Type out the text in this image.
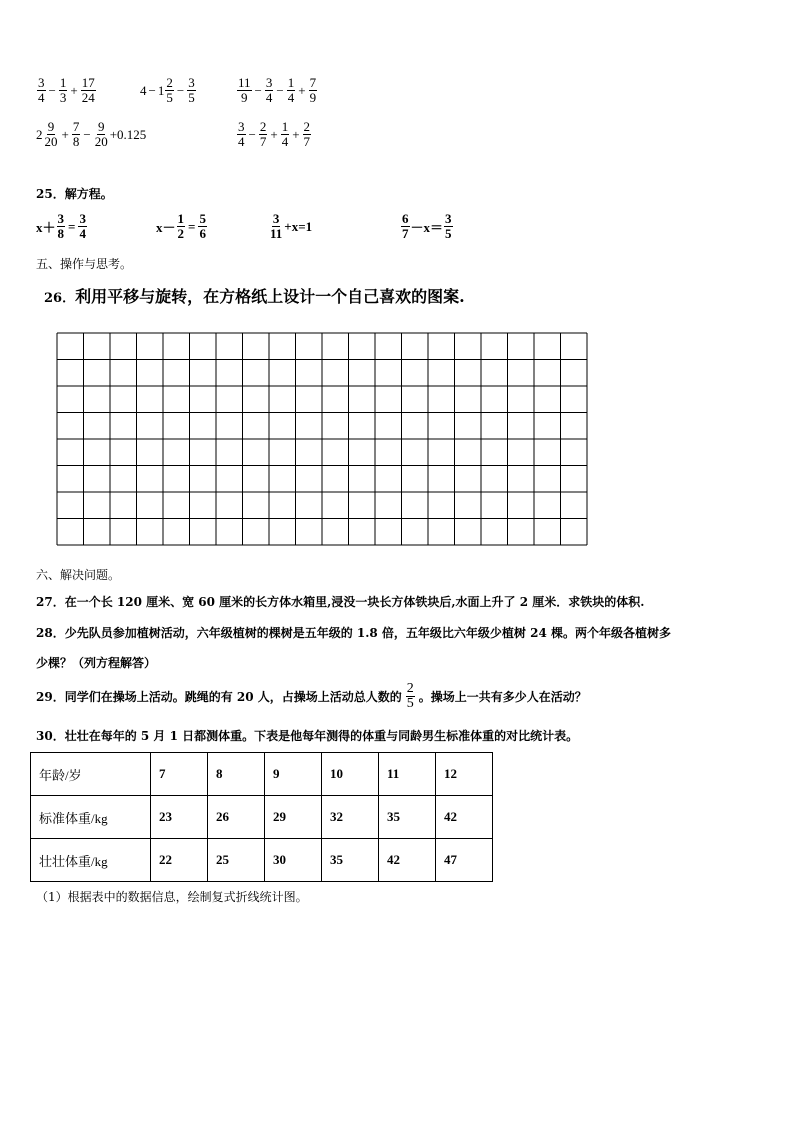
$\frac{3}{4} - \frac{1}{3} + \frac{17}{24}$	$4 - 1 \frac{2}{5} - \frac{3}{5}$	$\frac{11}{9} - \frac{3}{4} - \frac{1}{4} + \frac{7}{9}$
$2 \frac{9}{20} + \frac{7}{8} - \frac{9}{20} +0.125$	$\frac{3}{4} - \frac{2}{7} + \frac{1}{4} + \frac{2}{7}$
25．解方程。
$x+ \frac{3}{8} = \frac{3}{4}$	$x- \frac{1}{2} = \frac{5}{6}$	$\frac{3}{11} +x=1$	$\frac{6}{7} -x= \frac{3}{5}$
五、操作与思考。
26．利用平移与旋转，在方格纸上设计一个自己喜欢的图案.
六、解决问题。
27．在一个长 120 厘米、宽 60 厘米的长方体水箱里,浸没一块长方体铁块后,水面上升了 2 厘米．求铁块的体积.
28．少先队员参加植树活动，六年级植树的棵树是五年级的 1.8 倍，五年级比六年级少植树 24 棵。两个年级各植树多
少棵？（列方程解答）
29．同学们在操场上活动。跳绳的有 20 人，占操场上活动总人数的 $\frac{2}{5}$ 。操场上一共有多少人在活动？
30．壮壮在每年的 5 月 1 日都测体重。下表是他每年测得的体重与同龄男生标准体重的对比统计表。
年龄/岁	7	8	9	10	11	12
标准体重/kg	23	26	29	32	35	42
壮壮体重/kg	22	25	30	35	42	47
（1）根据表中的数据信息，绘制复式折线统计图。
